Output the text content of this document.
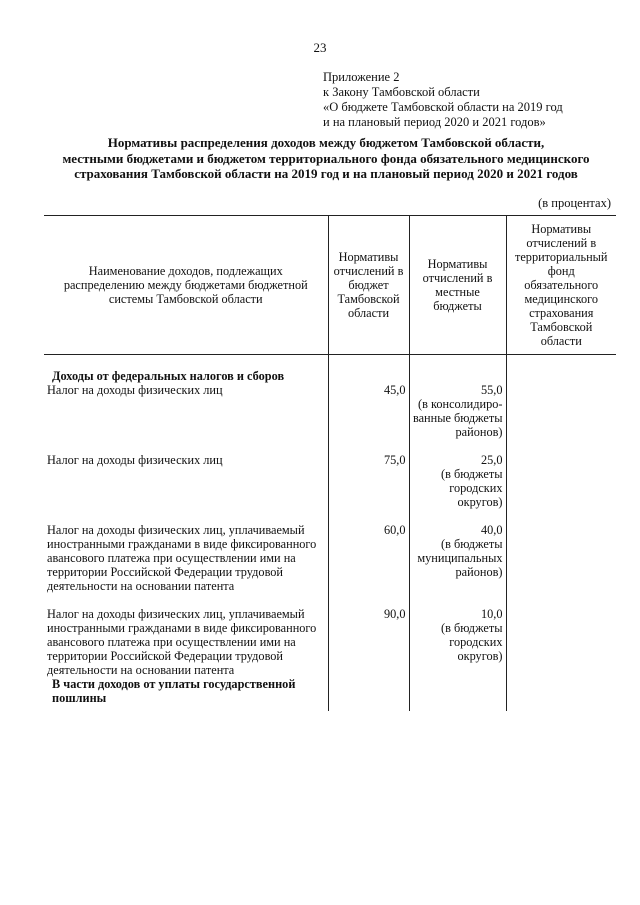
23
Приложение 2
к Закону Тамбовской области
«О бюджете Тамбовской области на 2019 год
и на плановый период 2020 и 2021 годов»
Нормативы распределения доходов между бюджетом Тамбовской области,
местными бюджетами и бюджетом территориального фонда обязательного медицинского
страхования Тамбовской области на 2019 год и на плановый период 2020 и 2021 годов
(в процентах)
Наименование доходов, подлежащих распределению между бюджетами бюджетной системы Тамбовской области	Нормативы отчислений в бюджет Тамбовской области	Нормативы отчислений в местные бюджеты	Нормативы отчислений в территориальный фонд обязательного медицинского страхования Тамбовской области

Доходы от федеральных налогов и сборов			
Налог на доходы физических лиц	45,0	55,0
(в консолидиро-ванные бюджеты районов)	

Налог на доходы физических лиц	75,0	25,0
(в бюджеты городских округов)	

Налог на доходы физических лиц, уплачиваемый иностранными гражданами в виде фиксированного авансового платежа при осуществлении ими на территории Российской Федерации трудовой деятельности на основании патента	60,0	40,0
(в бюджеты муниципальных районов)	

Налог на доходы физических лиц, уплачиваемый иностранными гражданами в виде фиксированного авансового платежа при осуществлении ими на территории Российской Федерации трудовой деятельности на основании патента	90,0	10,0
(в бюджеты городских округов)	

В части доходов от уплаты государственной пошлины			
